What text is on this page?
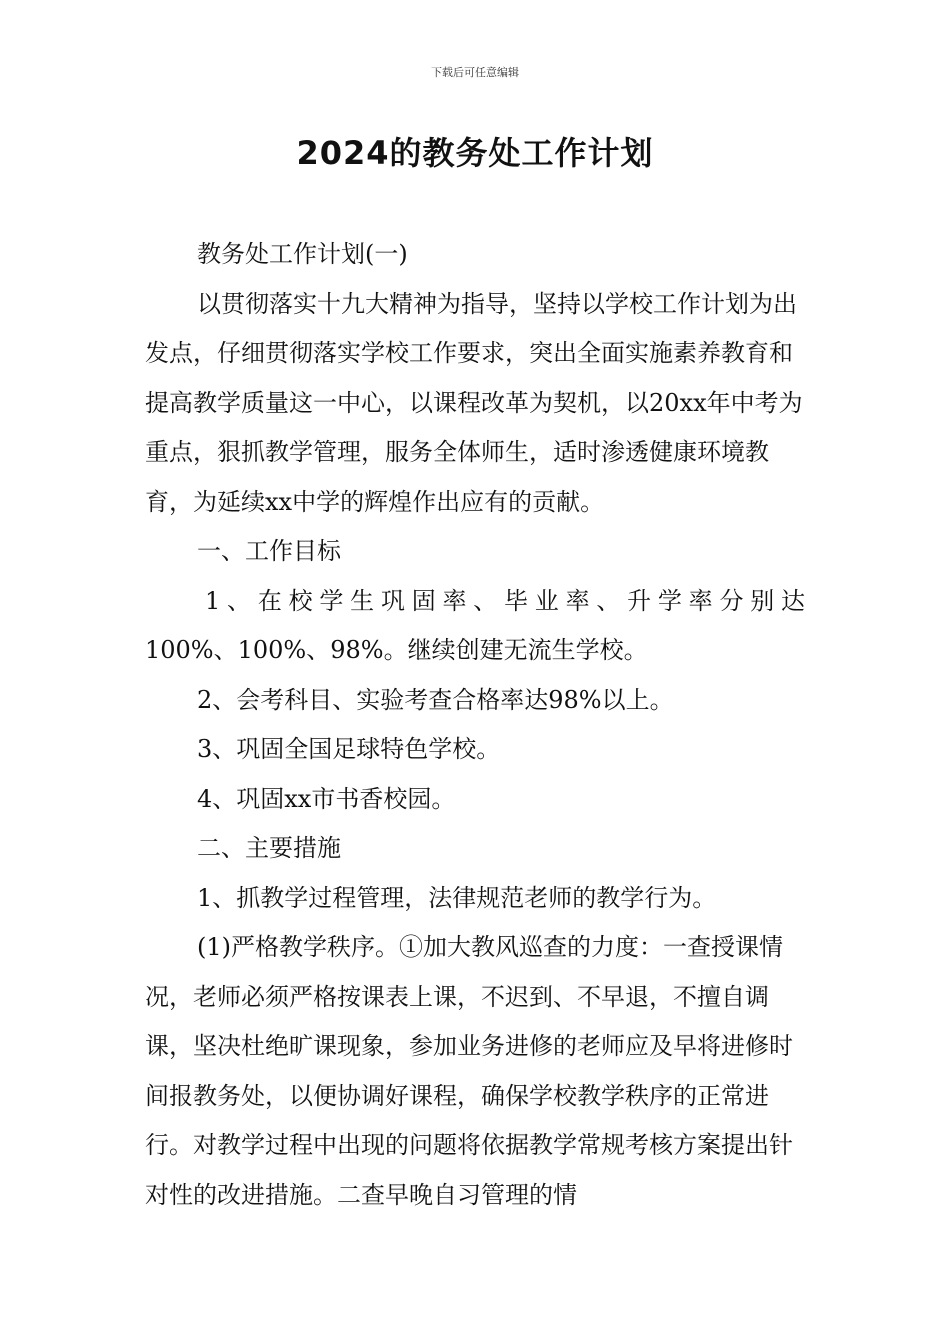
下载后可任意编辑
2024的教务处工作计划

教务处工作计划(一)

以贯彻落实十九大精神为指导，坚持以学校工作计划为出发点，仔细贯彻落实学校工作要求，突出全面实施素养教育和提高教学质量这一中心，以课程改革为契机，以20xx年中考为重点，狠抓教学管理，服务全体师生，适时渗透健康环境教育，为延续xx中学的辉煌作出应有的贡献。

一、工作目标

1、在校学生巩固率、毕业率、升学率分别达

100%、100%、98%。继续创建无流生学校。

2、会考科目、实验考查合格率达98%以上。

3、巩固全国足球特色学校。

4、巩固xx市书香校园。

二、主要措施

1、抓教学过程管理，法律规范老师的教学行为。

(1)严格教学秩序。①加大教风巡查的力度：一查授课情况，老师必须严格按课表上课，不迟到、不早退，不擅自调课，坚决杜绝旷课现象，参加业务进修的老师应及早将进修时间报教务处，以便协调好课程，确保学校教学秩序的正常进行。对教学过程中出现的问题将依据教学常规考核方案提出针对性的改进措施。二查早晚自习管理的情
